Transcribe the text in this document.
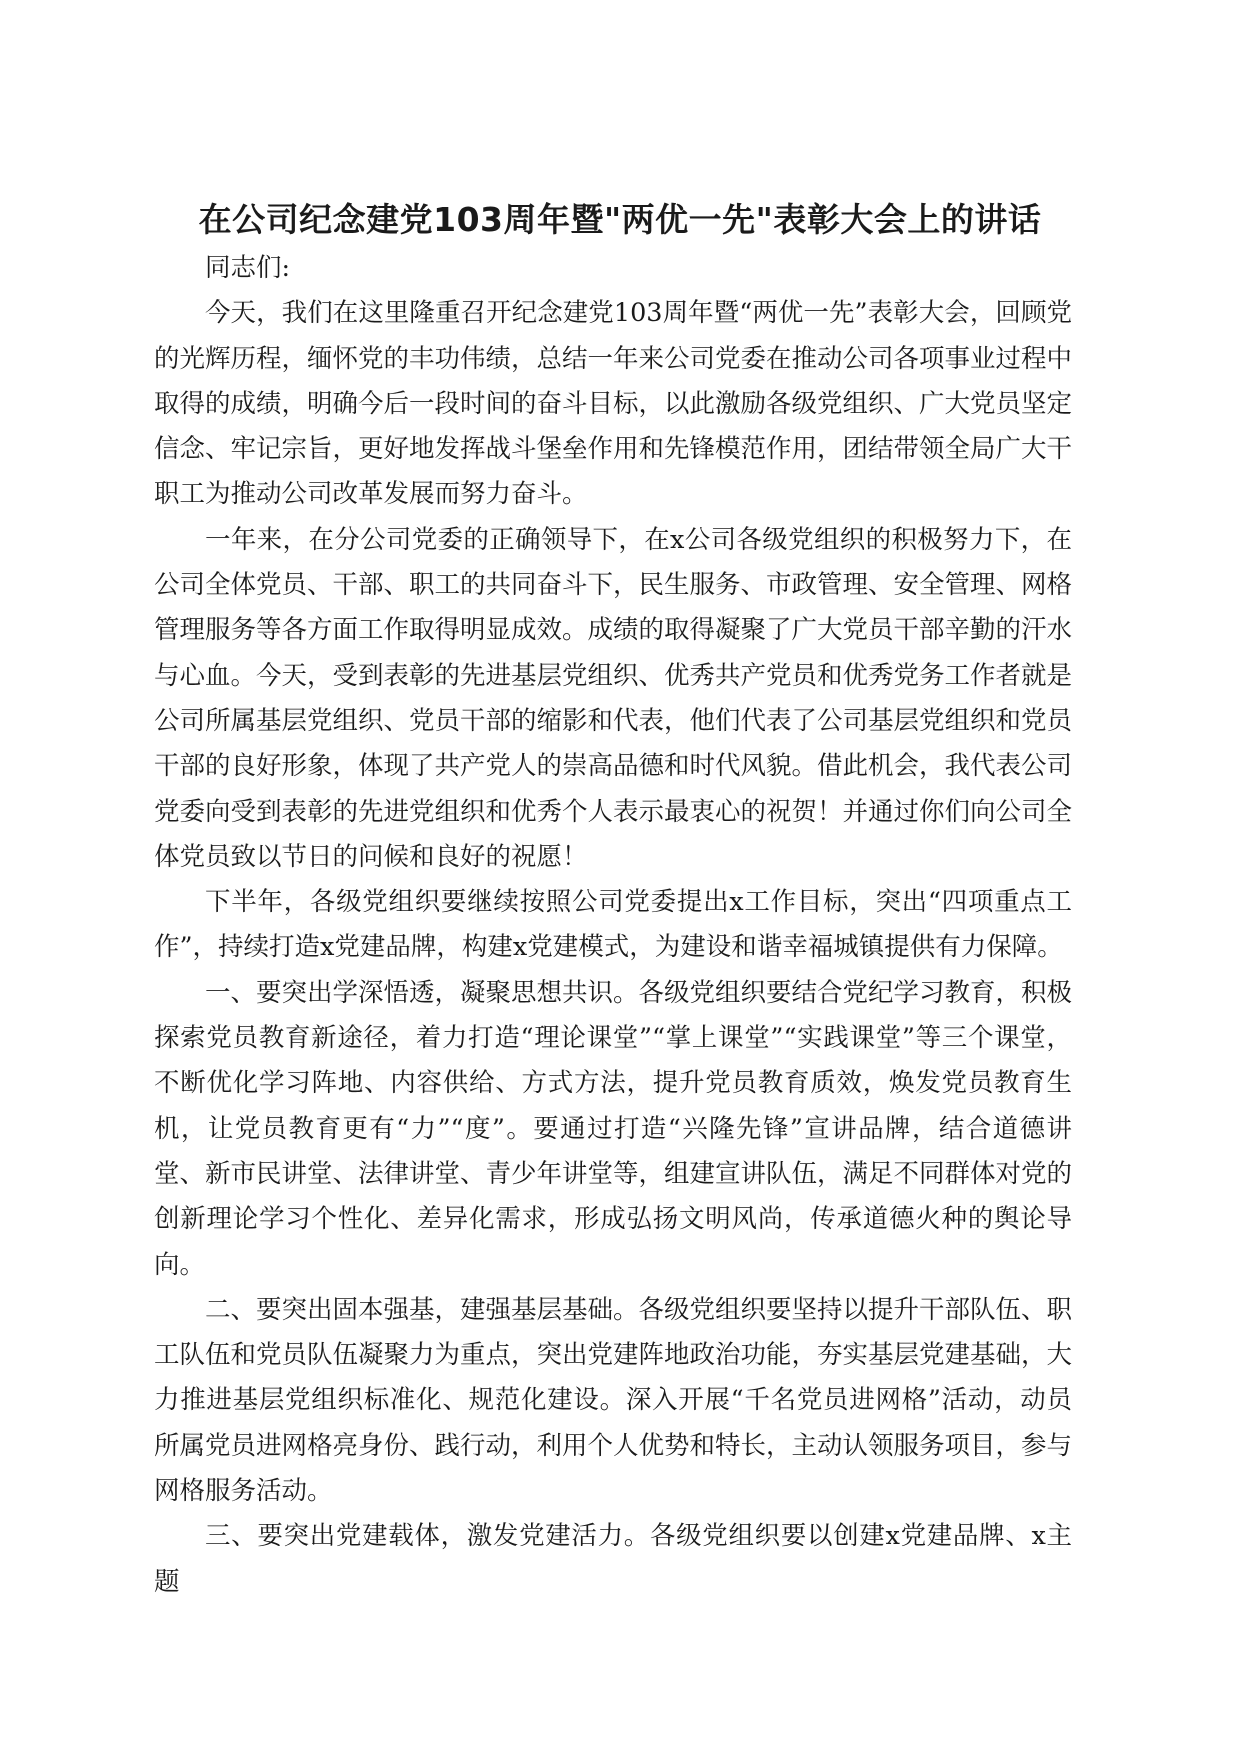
在公司纪念建党103周年暨"两优一先"表彰大会上的讲话

同志们:

今天，我们在这里隆重召开纪念建党103周年暨“两优一先”表彰大会，回顾党的光辉历程，缅怀党的丰功伟绩，总结一年来公司党委在推动公司各项事业过程中取得的成绩，明确今后一段时间的奋斗目标，以此激励各级党组织、广大党员坚定信念、牢记宗旨，更好地发挥战斗堡垒作用和先锋模范作用，团结带领全局广大干职工为推动公司改革发展而努力奋斗。

一年来，在分公司党委的正确领导下，在x公司各级党组织的积极努力下，在公司全体党员、干部、职工的共同奋斗下，民生服务、市政管理、安全管理、网格管理服务等各方面工作取得明显成效。成绩的取得凝聚了广大党员干部辛勤的汗水与心血。今天，受到表彰的先进基层党组织、优秀共产党员和优秀党务工作者就是公司所属基层党组织、党员干部的缩影和代表，他们代表了公司基层党组织和党员干部的良好形象，体现了共产党人的崇高品德和时代风貌。借此机会，我代表公司党委向受到表彰的先进党组织和优秀个人表示最衷心的祝贺！并通过你们向公司全体党员致以节日的问候和良好的祝愿！

下半年，各级党组织要继续按照公司党委提出x工作目标，突出“四项重点工作”，持续打造x党建品牌，构建x党建模式，为建设和谐幸福城镇提供有力保障。

一、要突出学深悟透，凝聚思想共识。各级党组织要结合党纪学习教育，积极探索党员教育新途径，着力打造“理论课堂”“掌上课堂”“实践课堂”等三个课堂，不断优化学习阵地、内容供给、方式方法，提升党员教育质效，焕发党员教育生机，让党员教育更有“力”“度”。要通过打造“兴隆先锋”宣讲品牌，结合道德讲堂、新市民讲堂、法律讲堂、青少年讲堂等，组建宣讲队伍，满足不同群体对党的创新理论学习个性化、差异化需求，形成弘扬文明风尚，传承道德火种的舆论导向。

二、要突出固本强基，建强基层基础。各级党组织要坚持以提升干部队伍、职工队伍和党员队伍凝聚力为重点，突出党建阵地政治功能，夯实基层党建基础，大力推进基层党组织标准化、规范化建设。深入开展“千名党员进网格”活动，动员所属党员进网格亮身份、践行动，利用个人优势和特长，主动认领服务项目，参与网格服务活动。

三、要突出党建载体，激发党建活力。各级党组织要以创建x党建品牌、x主题
